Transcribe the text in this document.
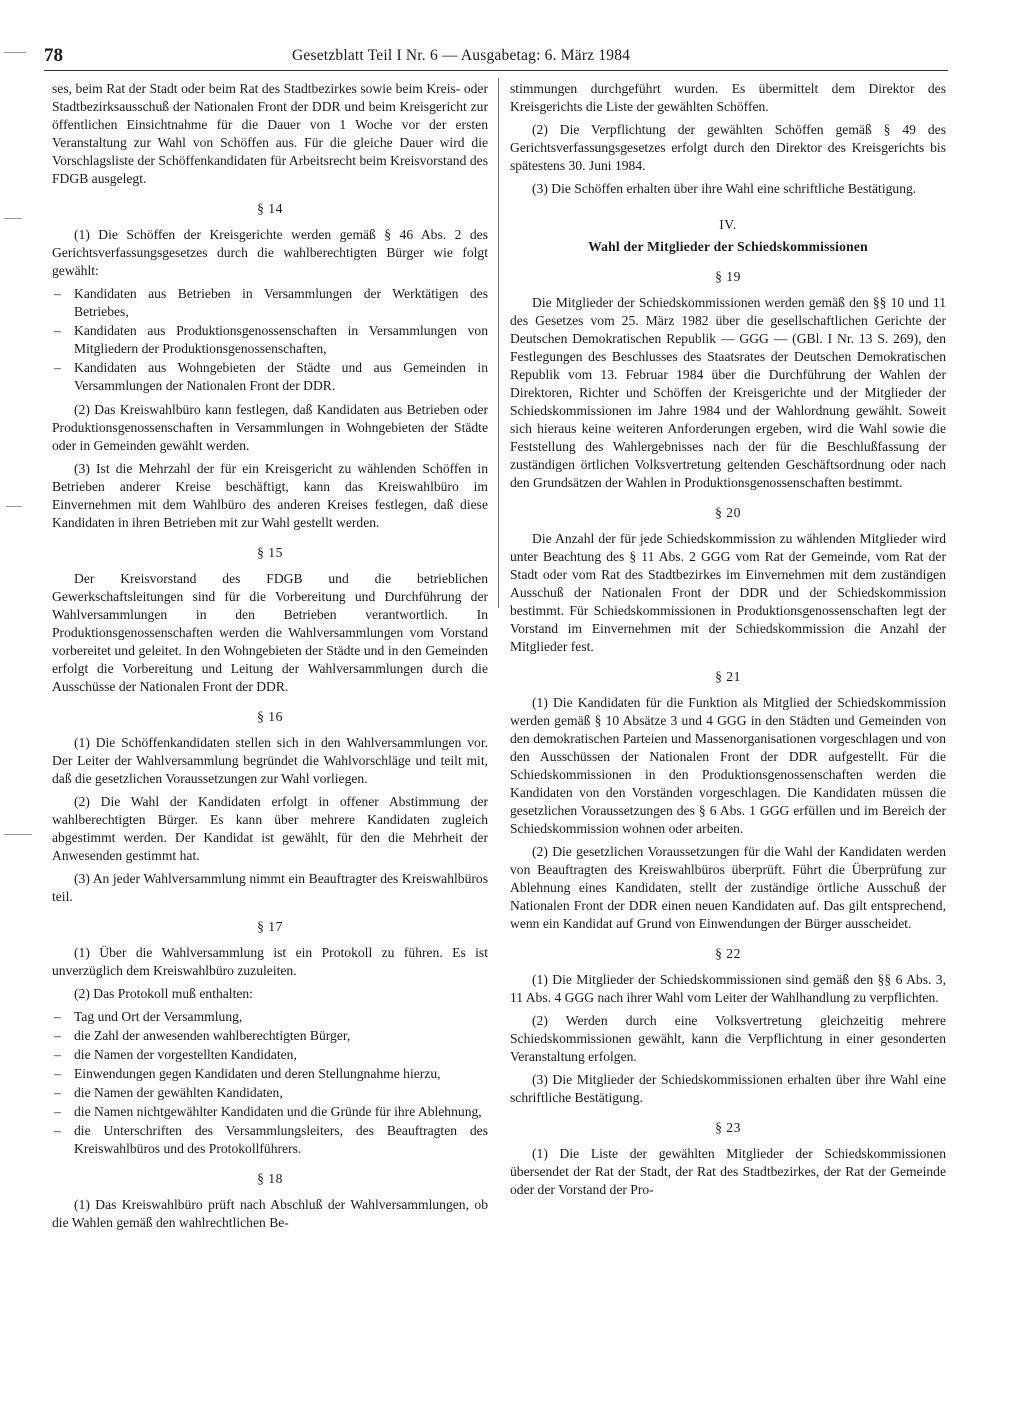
78	Gesetzblatt Teil I Nr. 6 — Ausgabetag: 6. März 1984

ses, beim Rat der Stadt oder beim Rat des Stadtbezirkes sowie beim Kreis- oder Stadtbezirksausschuß der Nationalen Front der DDR und beim Kreisgericht zur öffentlichen Einsichtnahme für die Dauer von 1 Woche vor der ersten Veranstaltung zur Wahl von Schöffen aus. Für die gleiche Dauer wird die Vorschlagsliste der Schöffenkandidaten für Arbeitsrecht beim Kreisvorstand des FDGB ausgelegt.

§ 14

(1) Die Schöffen der Kreisgerichte werden gemäß § 46 Abs. 2 des Gerichtsverfassungsgesetzes durch die wahlberechtigten Bürger wie folgt gewählt:

– Kandidaten aus Betrieben in Versammlungen der Werktätigen des Betriebes,
– Kandidaten aus Produktionsgenossenschaften in Versammlungen von Mitgliedern der Produktionsgenossenschaften,
– Kandidaten aus Wohngebieten der Städte und aus Gemeinden in Versammlungen der Nationalen Front der DDR.

(2) Das Kreiswahlbüro kann festlegen, daß Kandidaten aus Betrieben oder Produktionsgenossenschaften in Versammlungen in Wohngebieten der Städte oder in Gemeinden gewählt werden.

(3) Ist die Mehrzahl der für ein Kreisgericht zu wählenden Schöffen in Betrieben anderer Kreise beschäftigt, kann das Kreiswahlbüro im Einvernehmen mit dem Wahlbüro des anderen Kreises festlegen, daß diese Kandidaten in ihren Betrieben mit zur Wahl gestellt werden.

§ 15

Der Kreisvorstand des FDGB und die betrieblichen Gewerkschaftsleitungen sind für die Vorbereitung und Durchführung der Wahlversammlungen in den Betrieben verantwortlich. In Produktionsgenossenschaften werden die Wahlversammlungen vom Vorstand vorbereitet und geleitet. In den Wohngebieten der Städte und in den Gemeinden erfolgt die Vorbereitung und Leitung der Wahlversammlungen durch die Ausschüsse der Nationalen Front der DDR.

§ 16

(1) Die Schöffenkandidaten stellen sich in den Wahlversammlungen vor. Der Leiter der Wahlversammlung begründet die Wahlvorschläge und teilt mit, daß die gesetzlichen Voraussetzungen zur Wahl vorliegen.

(2) Die Wahl der Kandidaten erfolgt in offener Abstimmung der wahlberechtigten Bürger. Es kann über mehrere Kandidaten zugleich abgestimmt werden. Der Kandidat ist gewählt, für den die Mehrheit der Anwesenden gestimmt hat.

(3) An jeder Wahlversammlung nimmt ein Beauftragter des Kreiswahlbüros teil.

§ 17

(1) Über die Wahlversammlung ist ein Protokoll zu führen. Es ist unverzüglich dem Kreiswahlbüro zuzuleiten.

(2) Das Protokoll muß enthalten:

– Tag und Ort der Versammlung,
– die Zahl der anwesenden wahlberechtigten Bürger,
– die Namen der vorgestellten Kandidaten,
– Einwendungen gegen Kandidaten und deren Stellungnahme hierzu,
– die Namen der gewählten Kandidaten,
– die Namen nichtgewählter Kandidaten und die Gründe für ihre Ablehnung,
– die Unterschriften des Versammlungsleiters, des Beauftragten des Kreiswahlbüros und des Protokollführers.
§ 18

(1) Das Kreiswahlbüro prüft nach Abschluß der Wahlversammlungen, ob die Wahlen gemäß den wahlrechtlichen Be-

stimmungen durchgeführt wurden. Es übermittelt dem Direktor des Kreisgerichts die Liste der gewählten Schöffen.

(2) Die Verpflichtung der gewählten Schöffen gemäß § 49 des Gerichtsverfassungsgesetzes erfolgt durch den Direktor des Kreisgerichts bis spätestens 30. Juni 1984.

(3) Die Schöffen erhalten über ihre Wahl eine schriftliche Bestätigung.

IV.
Wahl der Mitglieder der Schiedskommissionen
§ 19

Die Mitglieder der Schiedskommissionen werden gemäß den §§ 10 und 11 des Gesetzes vom 25. März 1982 über die gesellschaftlichen Gerichte der Deutschen Demokratischen Republik — GGG — (GBl. I Nr. 13 S. 269), den Festlegungen des Beschlusses des Staatsrates der Deutschen Demokratischen Republik vom 13. Februar 1984 über die Durchführung der Wahlen der Direktoren, Richter und Schöffen der Kreisgerichte und der Mitglieder der Schiedskommissionen im Jahre 1984 und der Wahlordnung gewählt. Soweit sich hieraus keine weiteren Anforderungen ergeben, wird die Wahl sowie die Feststellung des Wahlergebnisses nach der für die Beschlußfassung der zuständigen örtlichen Volksvertretung geltenden Geschäftsordnung oder nach den Grundsätzen der Wahlen in Produktionsgenossenschaften bestimmt.

§ 20

Die Anzahl der für jede Schiedskommission zu wählenden Mitglieder wird unter Beachtung des § 11 Abs. 2 GGG vom Rat der Gemeinde, vom Rat der Stadt oder vom Rat des Stadtbezirkes im Einvernehmen mit dem zuständigen Ausschuß der Nationalen Front der DDR und der Schiedskommission bestimmt. Für Schiedskommissionen in Produktionsgenossenschaften legt der Vorstand im Einvernehmen mit der Schiedskommission die Anzahl der Mitglieder fest.

§ 21

(1) Die Kandidaten für die Funktion als Mitglied der Schiedskommission werden gemäß § 10 Absätze 3 und 4 GGG in den Städten und Gemeinden von den demokratischen Parteien und Massenorganisationen vorgeschlagen und von den Ausschüssen der Nationalen Front der DDR aufgestellt. Für die Schiedskommissionen in den Produktionsgenossenschaften werden die Kandidaten von den Vorständen vorgeschlagen. Die Kandidaten müssen die gesetzlichen Voraussetzungen des § 6 Abs. 1 GGG erfüllen und im Bereich der Schiedskommission wohnen oder arbeiten.

(2) Die gesetzlichen Voraussetzungen für die Wahl der Kandidaten werden von Beauftragten des Kreiswahlbüros überprüft. Führt die Überprüfung zur Ablehnung eines Kandidaten, stellt der zuständige örtliche Ausschuß der Nationalen Front der DDR einen neuen Kandidaten auf. Das gilt entsprechend, wenn ein Kandidat auf Grund von Einwendungen der Bürger ausscheidet.

§ 22

(1) Die Mitglieder der Schiedskommissionen sind gemäß den §§ 6 Abs. 3, 11 Abs. 4 GGG nach ihrer Wahl vom Leiter der Wahlhandlung zu verpflichten.

(2) Werden durch eine Volksvertretung gleichzeitig mehrere Schiedskommissionen gewählt, kann die Verpflichtung in einer gesonderten Veranstaltung erfolgen.

(3) Die Mitglieder der Schiedskommissionen erhalten über ihre Wahl eine schriftliche Bestätigung.

§ 23

(1) Die Liste der gewählten Mitglieder der Schiedskommissionen übersendet der Rat der Stadt, der Rat des Stadtbezirkes, der Rat der Gemeinde oder der Vorstand der Pro-
